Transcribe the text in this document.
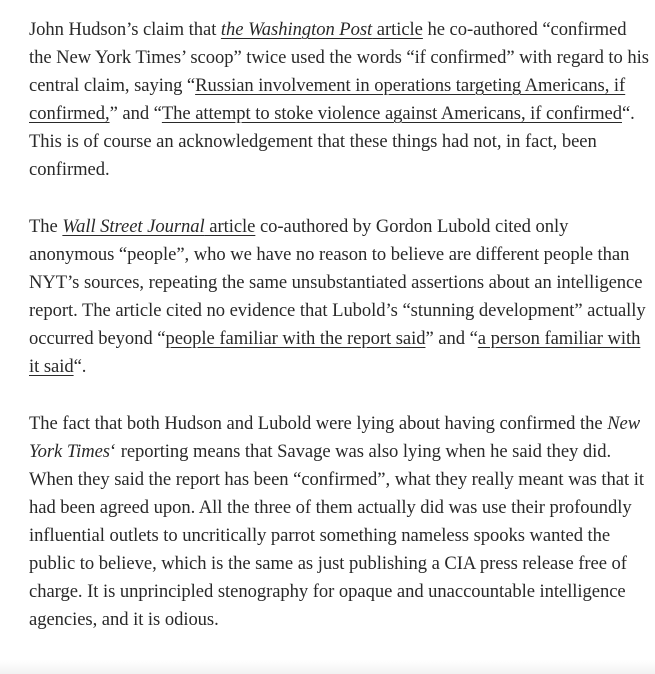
John Hudson’s claim that the Washington Post article he co-authored “confirmed the New York Times’ scoop” twice used the words “if confirmed” with regard to his central claim, saying “Russian involvement in operations targeting Americans, if confirmed,” and “The attempt to stoke violence against Americans, if confirmed“. This is of course an acknowledgement that these things had not, in fact, been confirmed.

The Wall Street Journal article co-authored by Gordon Lubold cited only anonymous “people”, who we have no reason to believe are different people than NYT’s sources, repeating the same unsubstantiated assertions about an intelligence report. The article cited no evidence that Lubold’s “stunning development” actually occurred beyond “people familiar with the report said” and “a person familiar with it said“.

The fact that both Hudson and Lubold were lying about having confirmed the New York Times‘ reporting means that Savage was also lying when he said they did. When they said the report has been “confirmed”, what they really meant was that it had been agreed upon. All the three of them actually did was use their profoundly influential outlets to uncritically parrot something nameless spooks wanted the public to believe, which is the same as just publishing a CIA press release free of charge. It is unprincipled stenography for opaque and unaccountable intelligence agencies, and it is odious.
